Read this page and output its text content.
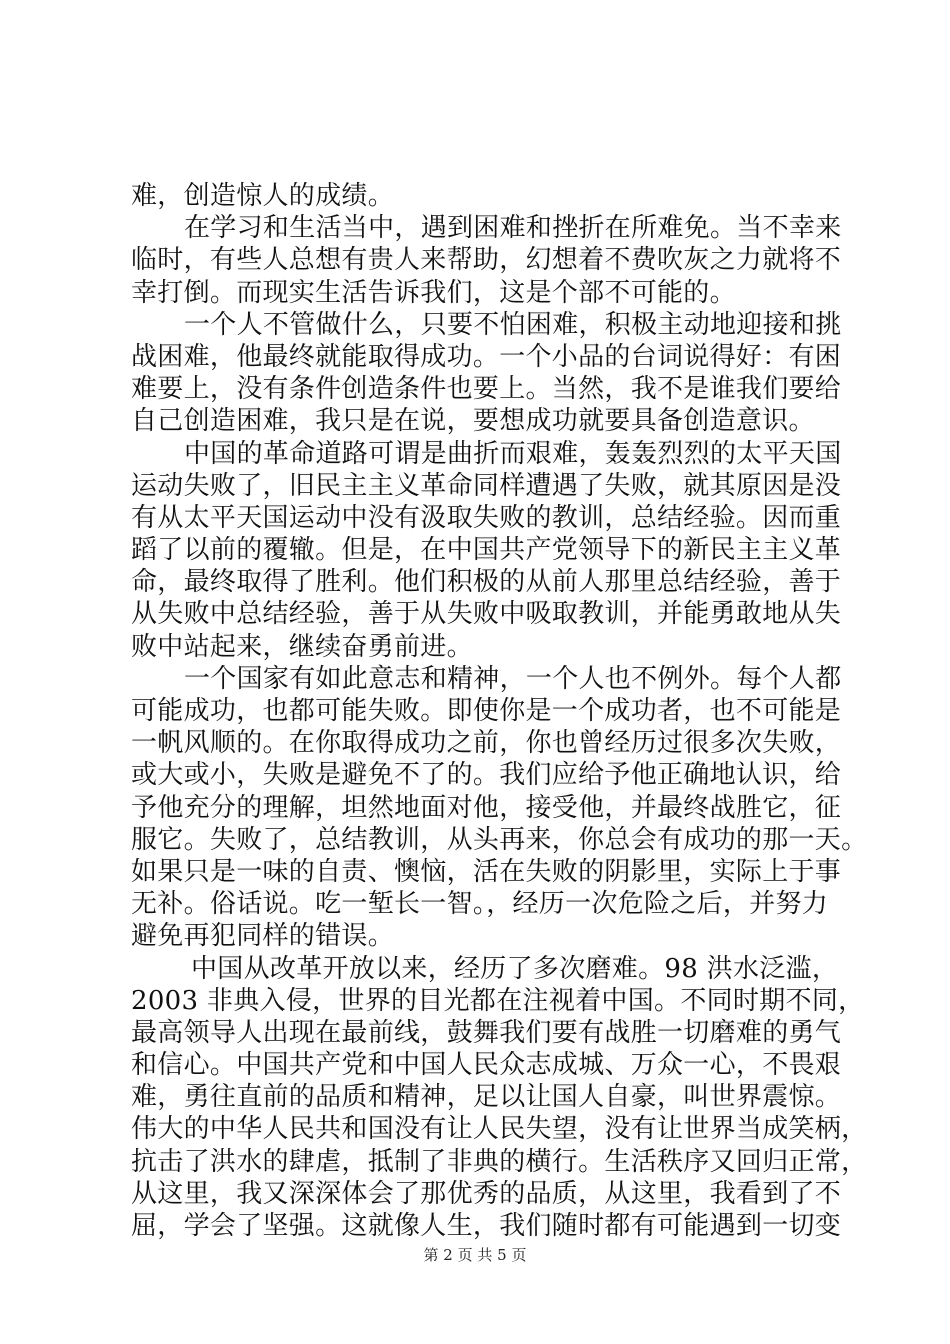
难，创造惊人的成绩。
在学习和生活当中，遇到困难和挫折在所难免。当不幸来
临时，有些人总想有贵人来帮助，幻想着不费吹灰之力就将不
幸打倒。而现实生活告诉我们，这是个部不可能的。
一个人不管做什么，只要不怕困难，积极主动地迎接和挑
战困难，他最终就能取得成功。一个小品的台词说得好：有困
难要上，没有条件创造条件也要上。当然，我不是谁我们要给
自己创造困难，我只是在说，要想成功就要具备创造意识。
中国的革命道路可谓是曲折而艰难，轰轰烈烈的太平天国
运动失败了，旧民主主义革命同样遭遇了失败，就其原因是没
有从太平天国运动中没有汲取失败的教训，总结经验。因而重
蹈了以前的覆辙。但是，在中国共产党领导下的新民主主义革
命，最终取得了胜利。他们积极的从前人那里总结经验，善于
从失败中总结经验，善于从失败中吸取教训，并能勇敢地从失
败中站起来，继续奋勇前进。
一个国家有如此意志和精神，一个人也不例外。每个人都
可能成功，也都可能失败。即使你是一个成功者，也不可能是
一帆风顺的。在你取得成功之前，你也曾经历过很多次失败，
或大或小，失败是避免不了的。我们应给予他正确地认识，给
予他充分的理解，坦然地面对他，接受他，并最终战胜它，征
服它。失败了，总结教训，从头再来，你总会有成功的那一天。
如果只是一味的自责、懊恼，活在失败的阴影里，实际上于事
无补。俗话说。吃一堑长一智。，经历一次危险之后，并努力
避免再犯同样的错误。
中国从改革开放以来，经历了多次磨难。98 洪水泛滥，
2003 非典入侵，世界的目光都在注视着中国。不同时期不同，
最高领导人出现在最前线，鼓舞我们要有战胜一切磨难的勇气
和信心。中国共产党和中国人民众志成城、万众一心，不畏艰
难，勇往直前的品质和精神，足以让国人自豪，叫世界震惊。
伟大的中华人民共和国没有让人民失望，没有让世界当成笑柄，
抗击了洪水的肆虐，抵制了非典的横行。生活秩序又回归正常，
从这里，我又深深体会了那优秀的品质，从这里，我看到了不
屈，学会了坚强。这就像人生，我们随时都有可能遇到一切变
第 2 页 共 5 页
